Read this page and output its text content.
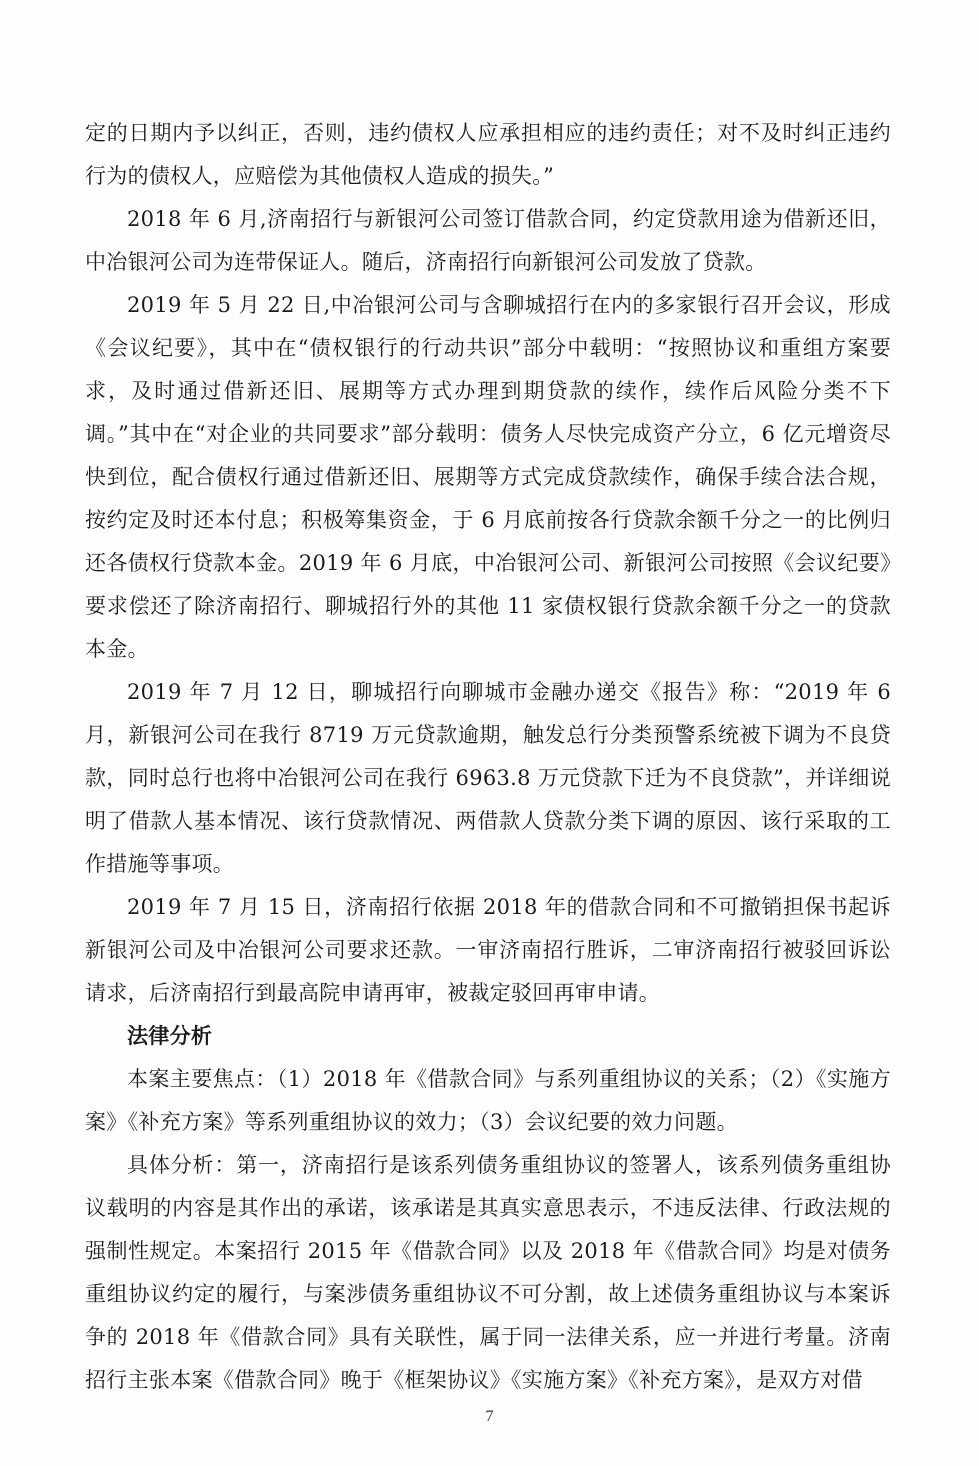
定的日期内予以纠正，否则，违约债权人应承担相应的违约责任；对不及时纠正违约行为的债权人，应赔偿为其他债权人造成的损失。”

2018 年 6 月,济南招行与新银河公司签订借款合同，约定贷款用途为借新还旧，中冶银河公司为连带保证人。随后，济南招行向新银河公司发放了贷款。

2019 年 5 月 22 日,中冶银河公司与含聊城招行在内的多家银行召开会议，形成《会议纪要》，其中在“债权银行的行动共识”部分中载明：“按照协议和重组方案要求，及时通过借新还旧、展期等方式办理到期贷款的续作，续作后风险分类不下调。”其中在“对企业的共同要求”部分载明：债务人尽快完成资产分立，6 亿元增资尽快到位，配合债权行通过借新还旧、展期等方式完成贷款续作，确保手续合法合规，按约定及时还本付息；积极筹集资金，于 6 月底前按各行贷款余额千分之一的比例归还各债权行贷款本金。2019 年 6 月底，中冶银河公司、新银河公司按照《会议纪要》要求偿还了除济南招行、聊城招行外的其他 11 家债权银行贷款余额千分之一的贷款本金。

2019 年 7 月 12 日，聊城招行向聊城市金融办递交《报告》称：“2019 年 6 月，新银河公司在我行 8719 万元贷款逾期，触发总行分类预警系统被下调为不良贷款，同时总行也将中冶银河公司在我行 6963.8 万元贷款下迁为不良贷款”，并详细说明了借款人基本情况、该行贷款情况、两借款人贷款分类下调的原因、该行采取的工作措施等事项。

2019 年 7 月 15 日，济南招行依据 2018 年的借款合同和不可撤销担保书起诉新银河公司及中冶银河公司要求还款。一审济南招行胜诉，二审济南招行被驳回诉讼请求，后济南招行到最高院申请再审，被裁定驳回再审申请。

法律分析

本案主要焦点：（1）2018 年《借款合同》与系列重组协议的关系；（2）《实施方案》《补充方案》等系列重组协议的效力；（3）会议纪要的效力问题。

具体分析：第一，济南招行是该系列债务重组协议的签署人，该系列债务重组协议载明的内容是其作出的承诺，该承诺是其真实意思表示，不违反法律、行政法规的强制性规定。本案招行 2015 年《借款合同》以及 2018 年《借款合同》均是对债务重组协议约定的履行，与案涉债务重组协议不可分割，故上述债务重组协议与本案诉争的 2018 年《借款合同》具有关联性，属于同一法律关系，应一并进行考量。济南招行主张本案《借款合同》晚于《框架协议》《实施方案》《补充方案》，是双方对借

7
